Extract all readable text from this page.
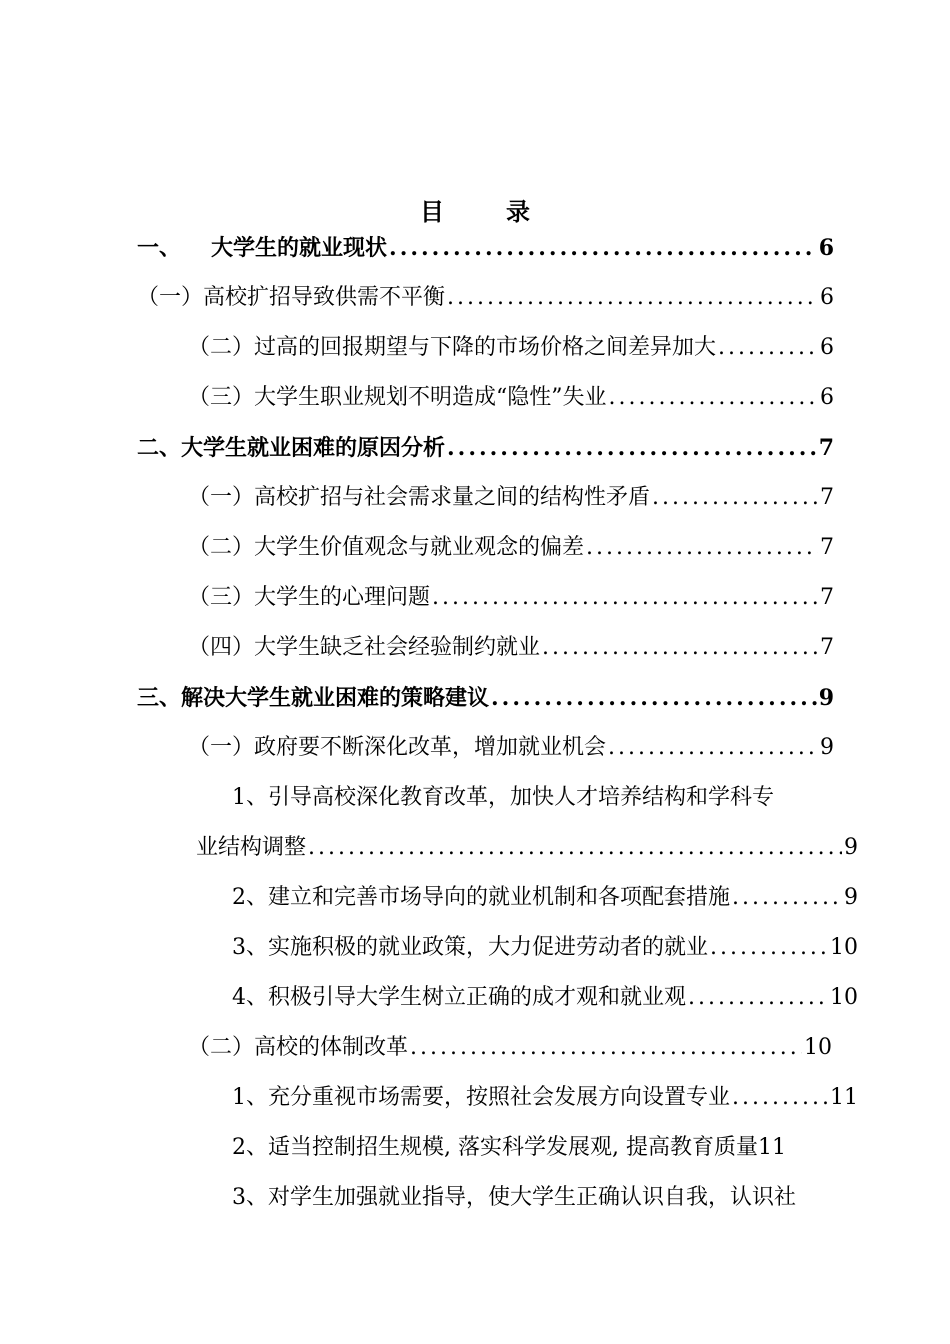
目	录
一、 大学生的就业现状 .....	6
（一）高校扩招导致供需不平衡 .....	6
（二）过高的回报期望与下降的市场价格之间差异加大 .....	6
（三）大学生职业规划不明造成“隐性”失业 .....	6
二、大学生就业困难的原因分析 .....	7
（一）高校扩招与社会需求量之间的结构性矛盾 .....	7
（二）大学生价值观念与就业观念的偏差 .....	7
（三）大学生的心理问题 .....	7
（四）大学生缺乏社会经验制约就业 .....	7
三、解决大学生就业困难的策略建议 .....	9
（一）政府要不断深化改革，增加就业机会 .....	9
1、引导高校深化教育改革，加快人才培养结构和学科专
业结构调整 .....	9
2、建立和完善市场导向的就业机制和各项配套措施 .....	9
3、实施积极的就业政策，大力促进劳动者的就业 .....	10
4、积极引导大学生树立正确的成才观和就业观 .....	10
（二）高校的体制改革 .....	10
1、充分重视市场需要，按照社会发展方向设置专业 .....	11
2、适当控制招生规模, 落实科学发展观, 提高教育质量 11
3、对学生加强就业指导，使大学生正确认识自我，认识社
